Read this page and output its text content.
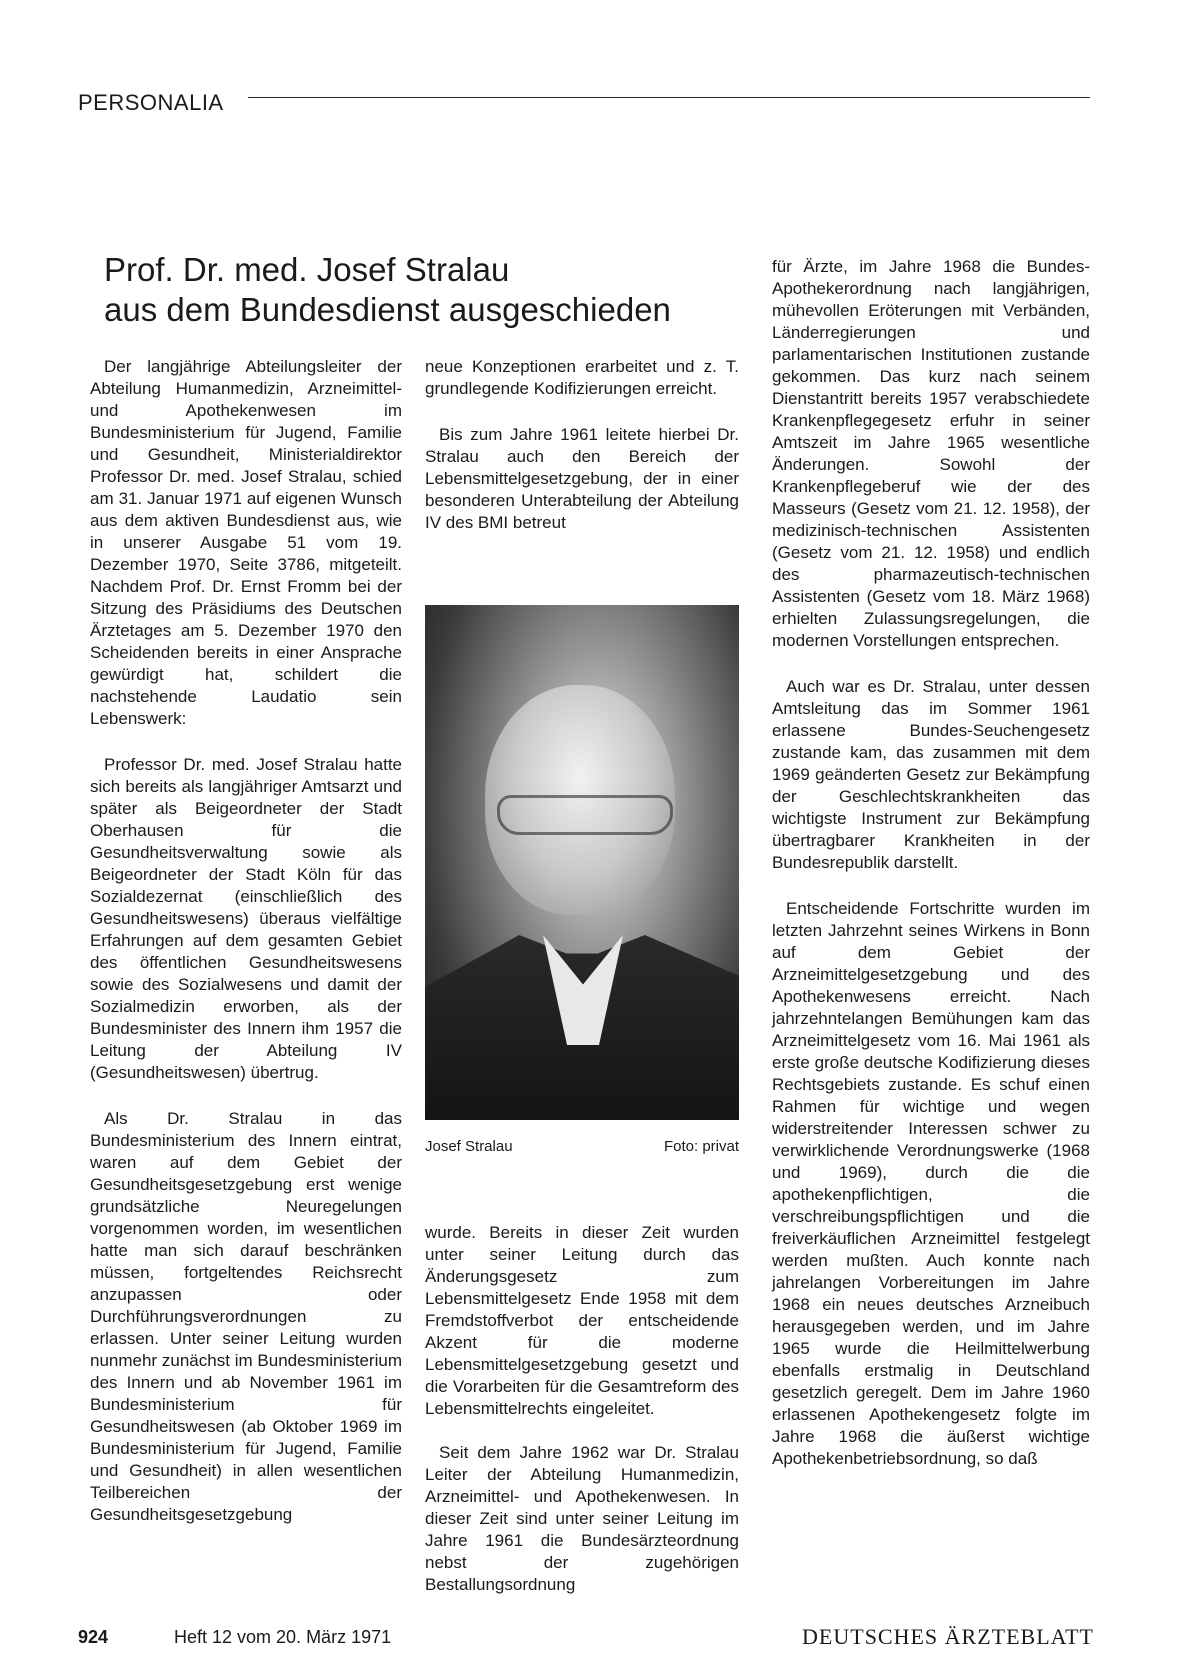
PERSONALIA
Prof. Dr. med. Josef Stralau
aus dem Bundesdienst ausgeschieden

Der langjährige Abteilungsleiter der Abteilung Humanmedizin, Arzneimittel- und Apothekenwesen im Bundesministerium für Jugend, Familie und Gesundheit, Ministerialdirektor Professor Dr. med. Josef Stralau, schied am 31. Januar 1971 auf eigenen Wunsch aus dem aktiven Bundesdienst aus, wie in unserer Ausgabe 51 vom 19. Dezember 1970, Seite 3786, mitgeteilt. Nachdem Prof. Dr. Ernst Fromm bei der Sitzung des Präsidiums des Deutschen Ärztetages am 5. Dezember 1970 den Scheidenden bereits in einer Ansprache gewürdigt hat, schildert die nachstehende Laudatio sein Lebenswerk:

Professor Dr. med. Josef Stralau hatte sich bereits als langjähriger Amtsarzt und später als Beigeordneter der Stadt Oberhausen für die Gesundheitsverwaltung sowie als Beigeordneter der Stadt Köln für das Sozialdezernat (einschließlich des Gesundheitswesens) überaus vielfältige Erfahrungen auf dem gesamten Gebiet des öffentlichen Gesundheitswesens sowie des Sozialwesens und damit der Sozialmedizin erworben, als der Bundesminister des Innern ihm 1957 die Leitung der Abteilung IV (Gesundheitswesen) übertrug.

Als Dr. Stralau in das Bundesministerium des Innern eintrat, waren auf dem Gebiet der Gesundheitsgesetzgebung erst wenige grundsätzliche Neuregelungen vorgenommen worden, im wesentlichen hatte man sich darauf beschränken müssen, fortgeltendes Reichsrecht anzupassen oder Durchführungsverordnungen zu erlassen. Unter seiner Leitung wurden nunmehr zunächst im Bundesministerium des Innern und ab November 1961 im Bundesministerium für Gesundheitswesen (ab Oktober 1969 im Bundesministerium für Jugend, Familie und Gesundheit) in allen wesentlichen Teilbereichen der Gesundheitsgesetzgebung

neue Konzeptionen erarbeitet und z. T. grundlegende Kodifizierungen erreicht.

Bis zum Jahre 1961 leitete hierbei Dr. Stralau auch den Bereich der Lebensmittelgesetzgebung, der in einer besonderen Unterabteilung der Abteilung IV des BMI betreut

Josef Stralau	Foto: privat

wurde. Bereits in dieser Zeit wurden unter seiner Leitung durch das Änderungsgesetz zum Lebensmittelgesetz Ende 1958 mit dem Fremdstoffverbot der entscheidende Akzent für die moderne Lebensmittelgesetzgebung gesetzt und die Vorarbeiten für die Gesamtreform des Lebensmittelrechts eingeleitet.

Seit dem Jahre 1962 war Dr. Stralau Leiter der Abteilung Humanmedizin, Arzneimittel- und Apothekenwesen. In dieser Zeit sind unter seiner Leitung im Jahre 1961 die Bundesärzteordnung nebst der zugehörigen Bestallungsordnung

für Ärzte, im Jahre 1968 die Bundes-Apothekerordnung nach langjährigen, mühevollen Eröterungen mit Verbänden, Länderregierungen und parlamentarischen Institutionen zustande gekommen. Das kurz nach seinem Dienstantritt bereits 1957 verabschiedete Krankenpflegegesetz erfuhr in seiner Amtszeit im Jahre 1965 wesentliche Änderungen. Sowohl der Krankenpflegeberuf wie der des Masseurs (Gesetz vom 21. 12. 1958), der medizinisch-technischen Assistenten (Gesetz vom 21. 12. 1958) und endlich des pharmazeutisch-technischen Assistenten (Gesetz vom 18. März 1968) erhielten Zulassungsregelungen, die modernen Vorstellungen entsprechen.

Auch war es Dr. Stralau, unter dessen Amtsleitung das im Sommer 1961 erlassene Bundes-Seuchengesetz zustande kam, das zusammen mit dem 1969 geänderten Gesetz zur Bekämpfung der Geschlechtskrankheiten das wichtigste Instrument zur Bekämpfung übertragbarer Krankheiten in der Bundesrepublik darstellt.

Entscheidende Fortschritte wurden im letzten Jahrzehnt seines Wirkens in Bonn auf dem Gebiet der Arzneimittelgesetzgebung und des Apothekenwesens erreicht. Nach jahrzehntelangen Bemühungen kam das Arzneimittelgesetz vom 16. Mai 1961 als erste große deutsche Kodifizierung dieses Rechtsgebiets zustande. Es schuf einen Rahmen für wichtige und wegen widerstreitender Interessen schwer zu verwirklichende Verordnungswerke (1968 und 1969), durch die die apothekenpflichtigen, die verschreibungspflichtigen und die freiverkäuflichen Arzneimittel festgelegt werden mußten. Auch konnte nach jahrelangen Vorbereitungen im Jahre 1968 ein neues deutsches Arzneibuch herausgegeben werden, und im Jahre 1965 wurde die Heilmittelwerbung ebenfalls erstmalig in Deutschland gesetzlich geregelt. Dem im Jahre 1960 erlassenen Apothekengesetz folgte im Jahre 1968 die äußerst wichtige Apothekenbetriebsordnung, so daß

924	Heft 12 vom 20. März 1971	DEUTSCHES ÄRZTEBLATT
